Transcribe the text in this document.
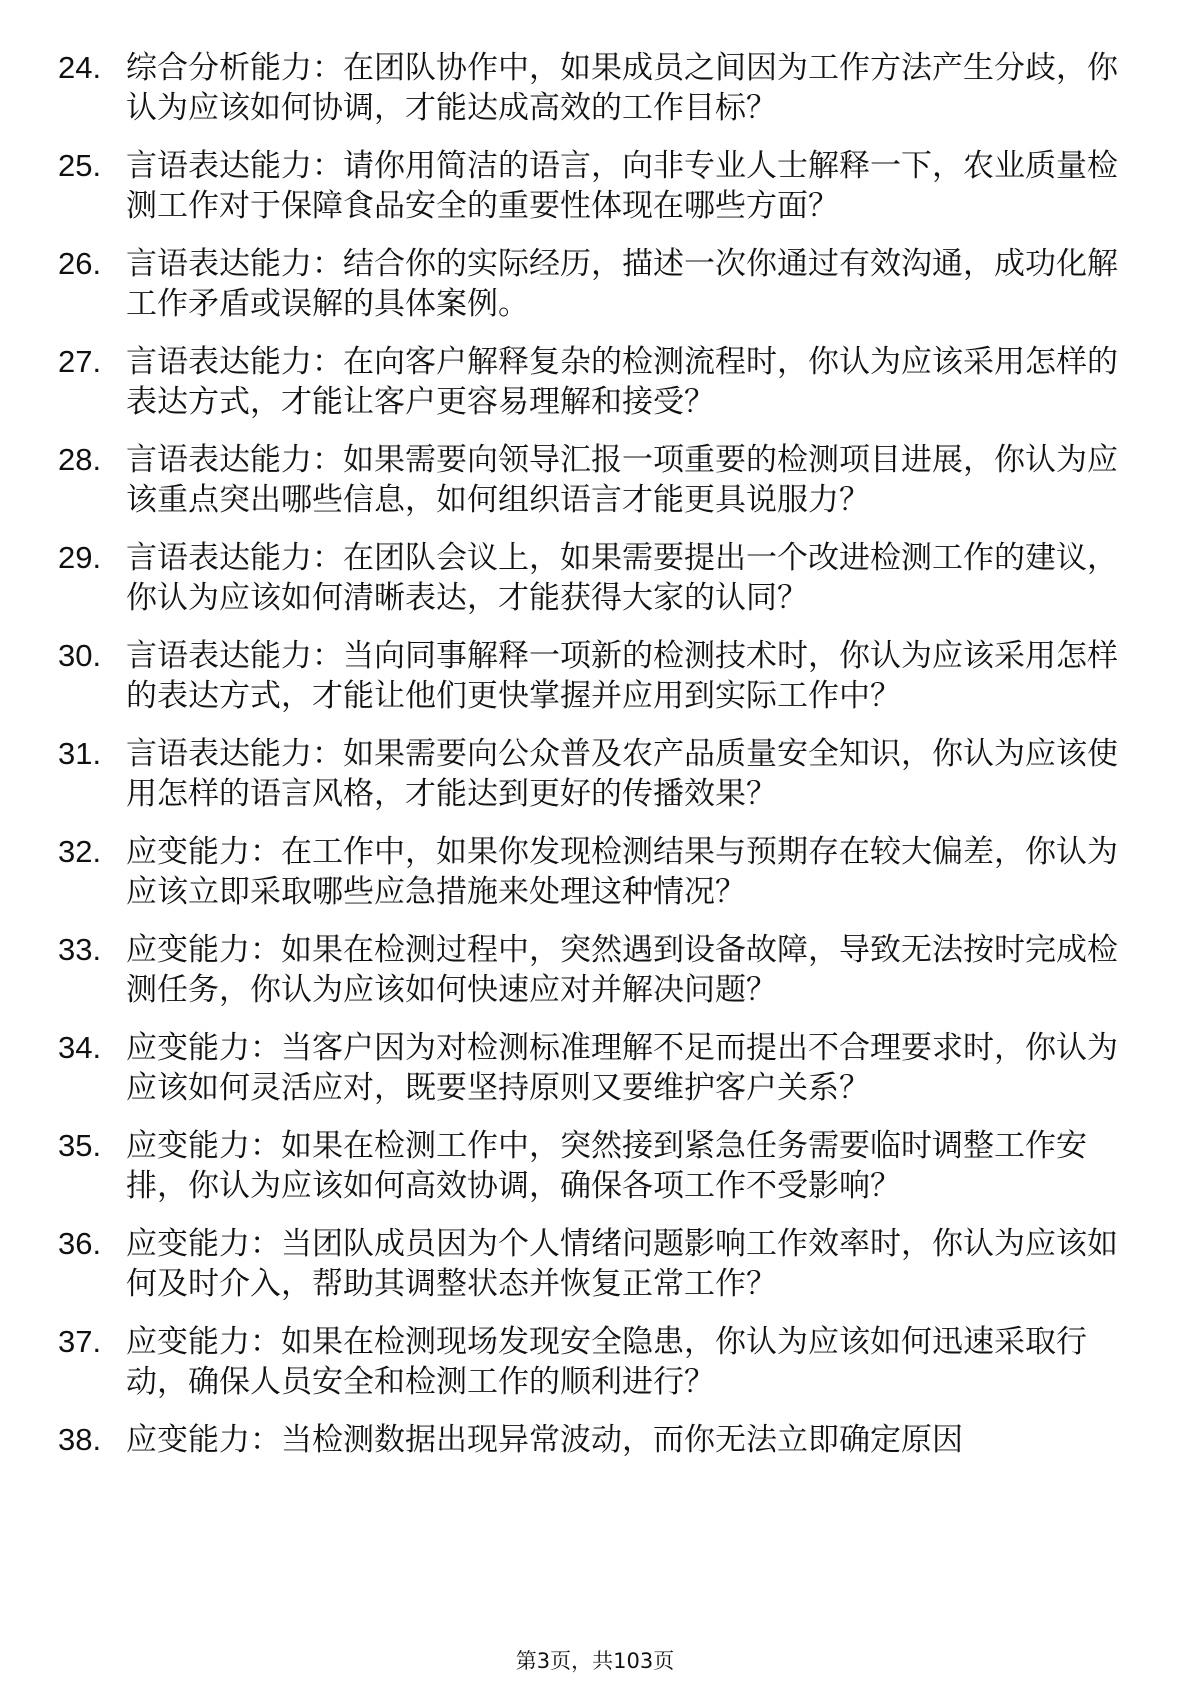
24. 综合分析能力：在团队协作中，如果成员之间因为工作方法产生分歧，你认为应该如何协调，才能达成高效的工作目标？
25. 言语表达能力：请你用简洁的语言，向非专业人士解释一下，农业质量检测工作对于保障食品安全的重要性体现在哪些方面？
26. 言语表达能力：结合你的实际经历，描述一次你通过有效沟通，成功化解工作矛盾或误解的具体案例。
27. 言语表达能力：在向客户解释复杂的检测流程时，你认为应该采用怎样的表达方式，才能让客户更容易理解和接受？
28. 言语表达能力：如果需要向领导汇报一项重要的检测项目进展，你认为应该重点突出哪些信息，如何组织语言才能更具说服力？
29. 言语表达能力：在团队会议上，如果需要提出一个改进检测工作的建议，你认为应该如何清晰表达，才能获得大家的认同？
30. 言语表达能力：当向同事解释一项新的检测技术时，你认为应该采用怎样的表达方式，才能让他们更快掌握并应用到实际工作中？
31. 言语表达能力：如果需要向公众普及农产品质量安全知识，你认为应该使用怎样的语言风格，才能达到更好的传播效果？
32. 应变能力：在工作中，如果你发现检测结果与预期存在较大偏差，你认为应该立即采取哪些应急措施来处理这种情况？
33. 应变能力：如果在检测过程中，突然遇到设备故障，导致无法按时完成检测任务，你认为应该如何快速应对并解决问题？
34. 应变能力：当客户因为对检测标准理解不足而提出不合理要求时，你认为应该如何灵活应对，既要坚持原则又要维护客户关系？
35. 应变能力：如果在检测工作中，突然接到紧急任务需要临时调整工作安排，你认为应该如何高效协调，确保各项工作不受影响？
36. 应变能力：当团队成员因为个人情绪问题影响工作效率时，你认为应该如何及时介入，帮助其调整状态并恢复正常工作？
37. 应变能力：如果在检测现场发现安全隐患，你认为应该如何迅速采取行动，确保人员安全和检测工作的顺利进行？
38. 应变能力：当检测数据出现异常波动，而你无法立即确定原因
第3页，共103页
